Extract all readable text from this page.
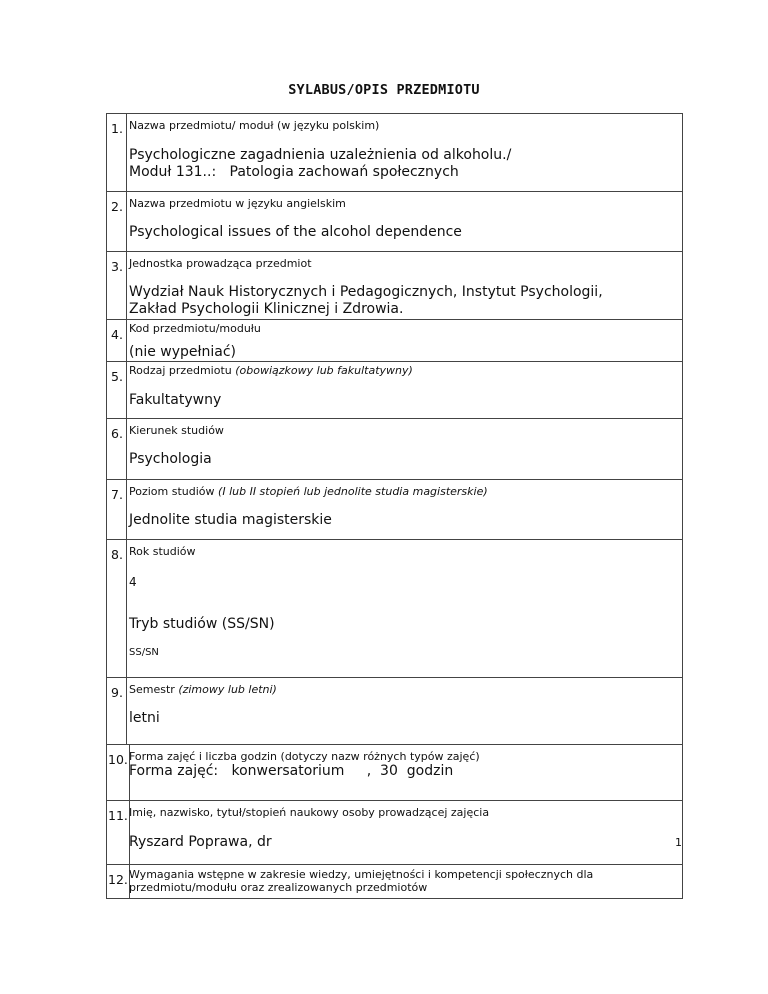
SYLABUS/OPIS PRZEDMIOTU
1. Nazwa przedmiotu/ moduł (w języku polskim)
Psychologiczne zagadnienia uzależnienia od alkoholu./
Moduł 131..:   Patologia zachowań społecznych
2. Nazwa przedmiotu w języku angielskim
Psychological issues of the alcohol dependence
3. Jednostka prowadząca przedmiot
Wydział Nauk Historycznych i Pedagogicznych, Instytut Psychologii,
Zakład Psychologii Klinicznej i Zdrowia.
4. Kod przedmiotu/modułu
(nie wypełniać)
5. Rodzaj przedmiotu (obowiązkowy lub fakultatywny)
Fakultatywny
6. Kierunek studiów
Psychologia
7. Poziom studiów (I lub II stopień lub jednolite studia magisterskie)
Jednolite studia magisterskie
8. Rok studiów
4
Tryb studiów (SS/SN)
SS/SN
9. Semestr (zimowy lub letni)
letni
10. Forma zajęć i liczba godzin (dotyczy nazw różnych typów zajęć)
Forma zajęć:   konwersatorium     ,  30  godzin
11. Imię, nazwisko, tytuł/stopień naukowy osoby prowadzącej zajęcia
Ryszard Poprawa, dr
12. Wymagania wstępne w zakresie wiedzy, umiejętności i kompetencji społecznych dla
przedmiotu/modułu oraz zrealizowanych przedmiotów
1
